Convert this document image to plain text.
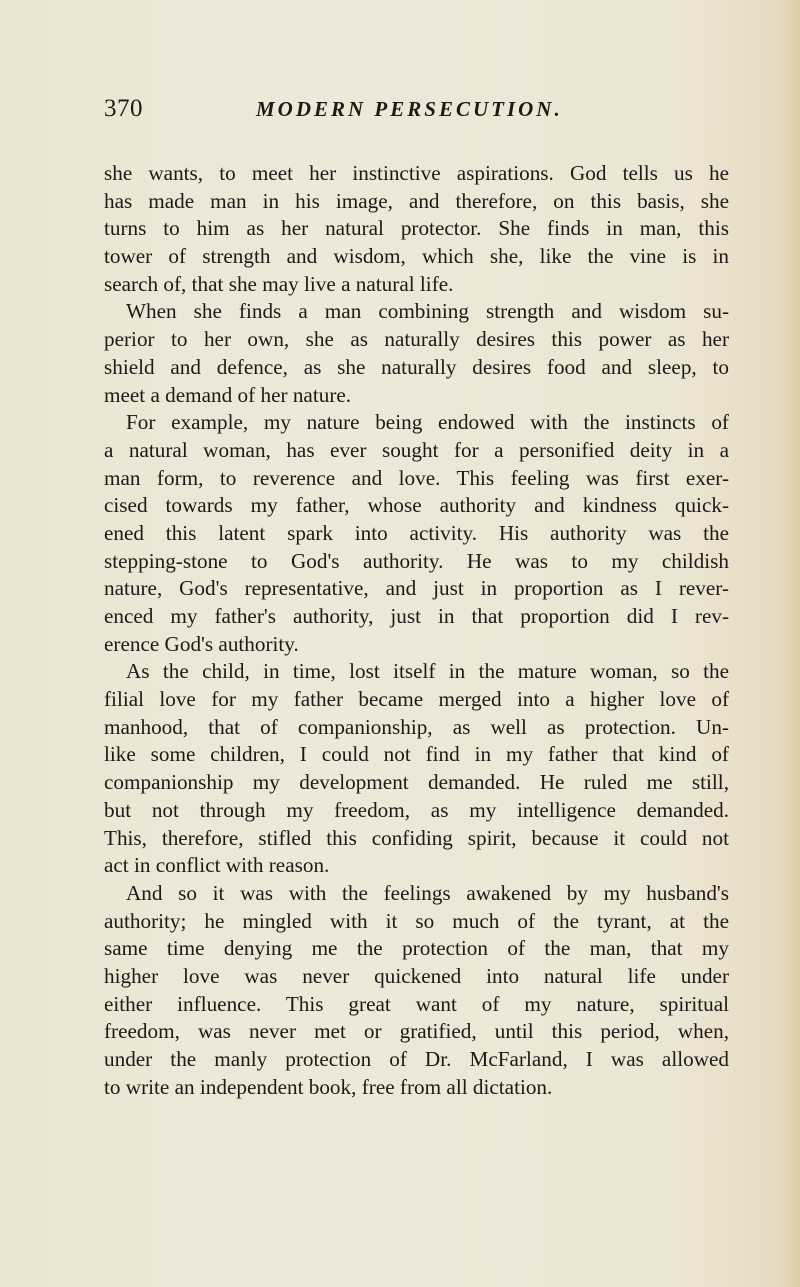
370	MODERN PERSECUTION.
she wants, to meet her instinctive aspirations. God tells us he
has made man in his image, and therefore, on this basis, she
turns to him as her natural protector. She finds in man, this
tower of strength and wisdom, which she, like the vine is in
search of, that she may live a natural life.
When she finds a man combining strength and wisdom su-
perior to her own, she as naturally desires this power as her
shield and defence, as she naturally desires food and sleep, to
meet a demand of her nature.
For example, my nature being endowed with the instincts of
a natural woman, has ever sought for a personified deity in a
man form, to reverence and love. This feeling was first exer-
cised towards my father, whose authority and kindness quick-
ened this latent spark into activity. His authority was the
stepping-stone to God's authority. He was to my childish
nature, God's representative, and just in proportion as I rever-
enced my father's authority, just in that proportion did I rev-
erence God's authority.
As the child, in time, lost itself in the mature woman, so the
filial love for my father became merged into a higher love of
manhood, that of companionship, as well as protection. Un-
like some children, I could not find in my father that kind of
companionship my development demanded. He ruled me still,
but not through my freedom, as my intelligence demanded.
This, therefore, stifled this confiding spirit, because it could not
act in conflict with reason.
And so it was with the feelings awakened by my husband's
authority; he mingled with it so much of the tyrant, at the
same time denying me the protection of the man, that my
higher love was never quickened into natural life under
either influence. This great want of my nature, spiritual
freedom, was never met or gratified, until this period, when,
under the manly protection of Dr. McFarland, I was allowed
to write an independent book, free from all dictation.
